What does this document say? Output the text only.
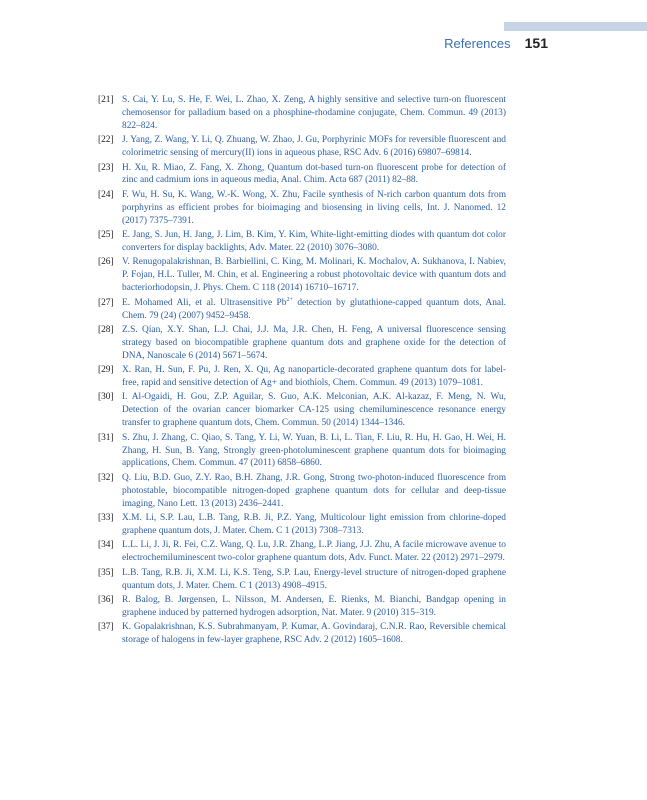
References 151
[21] S. Cai, Y. Lu, S. He, F. Wei, L. Zhao, X. Zeng, A highly sensitive and selective turn-on fluorescent chemosensor for palladium based on a phosphine-rhodamine conjugate, Chem. Commun. 49 (2013) 822–824.
[22] J. Yang, Z. Wang, Y. Li, Q. Zhuang, W. Zhao, J. Gu, Porphyrinic MOFs for reversible fluorescent and colorimetric sensing of mercury(II) ions in aqueous phase, RSC Adv. 6 (2016) 69807–69814.
[23] H. Xu, R. Miao, Z. Fang, X. Zhong, Quantum dot-based turn-on fluorescent probe for detection of zinc and cadmium ions in aqueous media, Anal. Chim. Acta 687 (2011) 82–88.
[24] F. Wu, H. Su, K. Wang, W.-K. Wong, X. Zhu, Facile synthesis of N-rich carbon quantum dots from porphyrins as efficient probes for bioimaging and biosensing in living cells, Int. J. Nanomed. 12 (2017) 7375–7391.
[25] E. Jang, S. Jun, H. Jang, J. Lim, B. Kim, Y. Kim, White-light-emitting diodes with quantum dot color converters for display backlights, Adv. Mater. 22 (2010) 3076–3080.
[26] V. Renugopalakrishnan, B. Barbiellini, C. King, M. Molinari, K. Mochalov, A. Sukhanova, I. Nabiev, P. Fojan, H.L. Tuller, M. Chin, et al. Engineering a robust photovoltaic device with quantum dots and bacteriorhodopsin, J. Phys. Chem. C 118 (2014) 16710–16717.
[27] E. Mohamed Ali, et al. Ultrasensitive $Pb^{2+}$ detection by glutathione-capped quantum dots, Anal. Chem. 79 (24) (2007) 9452–9458.
[28] Z.S. Qian, X.Y. Shan, L.J. Chai, J.J. Ma, J.R. Chen, H. Feng, A universal fluorescence sensing strategy based on biocompatible graphene quantum dots and graphene oxide for the detection of DNA, Nanoscale 6 (2014) 5671–5674.
[29] X. Ran, H. Sun, F. Pu, J. Ren, X. Qu, Ag nanoparticle-decorated graphene quantum dots for label-free, rapid and sensitive detection of Ag+ and biothiols, Chem. Commun. 49 (2013) 1079–1081.
[30] I. Al-Ogaidi, H. Gou, Z.P. Aguilar, S. Guo, A.K. Melconian, A.K. Al-kazaz, F. Meng, N. Wu, Detection of the ovarian cancer biomarker CA-125 using chemiluminescence resonance energy transfer to graphene quantum dots, Chem. Commun. 50 (2014) 1344–1346.
[31] S. Zhu, J. Zhang, C. Qiao, S. Tang, Y. Li, W. Yuan, B. Li, L. Tian, F. Liu, R. Hu, H. Gao, H. Wei, H. Zhang, H. Sun, B. Yang, Strongly green-photoluminescent graphene quantum dots for bioimaging applications, Chem. Commun. 47 (2011) 6858–6860.
[32] Q. Liu, B.D. Guo, Z.Y. Rao, B.H. Zhang, J.R. Gong, Strong two-photon-induced fluorescence from photostable, biocompatible nitrogen-doped graphene quantum dots for cellular and deep-tissue imaging, Nano Lett. 13 (2013) 2436–2441.
[33] X.M. Li, S.P. Lau, L.B. Tang, R.B. Ji, P.Z. Yang, Multicolour light emission from chlorine-doped graphene quantum dots, J. Mater. Chem. C 1 (2013) 7308–7313.
[34] L.L. Li, J. Ji, R. Fei, C.Z. Wang, Q. Lu, J.R. Zhang, L.P. Jiang, J.J. Zhu, A facile microwave avenue to electrochemiluminescent two-color graphene quantum dots, Adv. Funct. Mater. 22 (2012) 2971–2979.
[35] L.B. Tang, R.B. Ji, X.M. Li, K.S. Teng, S.P. Lau, Energy-level structure of nitrogen-doped graphene quantum dots, J. Mater. Chem. C 1 (2013) 4908–4915.
[36] R. Balog, B. Jørgensen, L. Nilsson, M. Andersen, E. Rienks, M. Bianchi, Bandgap opening in graphene induced by patterned hydrogen adsorption, Nat. Mater. 9 (2010) 315–319.
[37] K. Gopalakrishnan, K.S. Subrahmanyam, P. Kumar, A. Govindaraj, C.N.R. Rao, Reversible chemical storage of halogens in few-layer graphene, RSC Adv. 2 (2012) 1605–1608.
